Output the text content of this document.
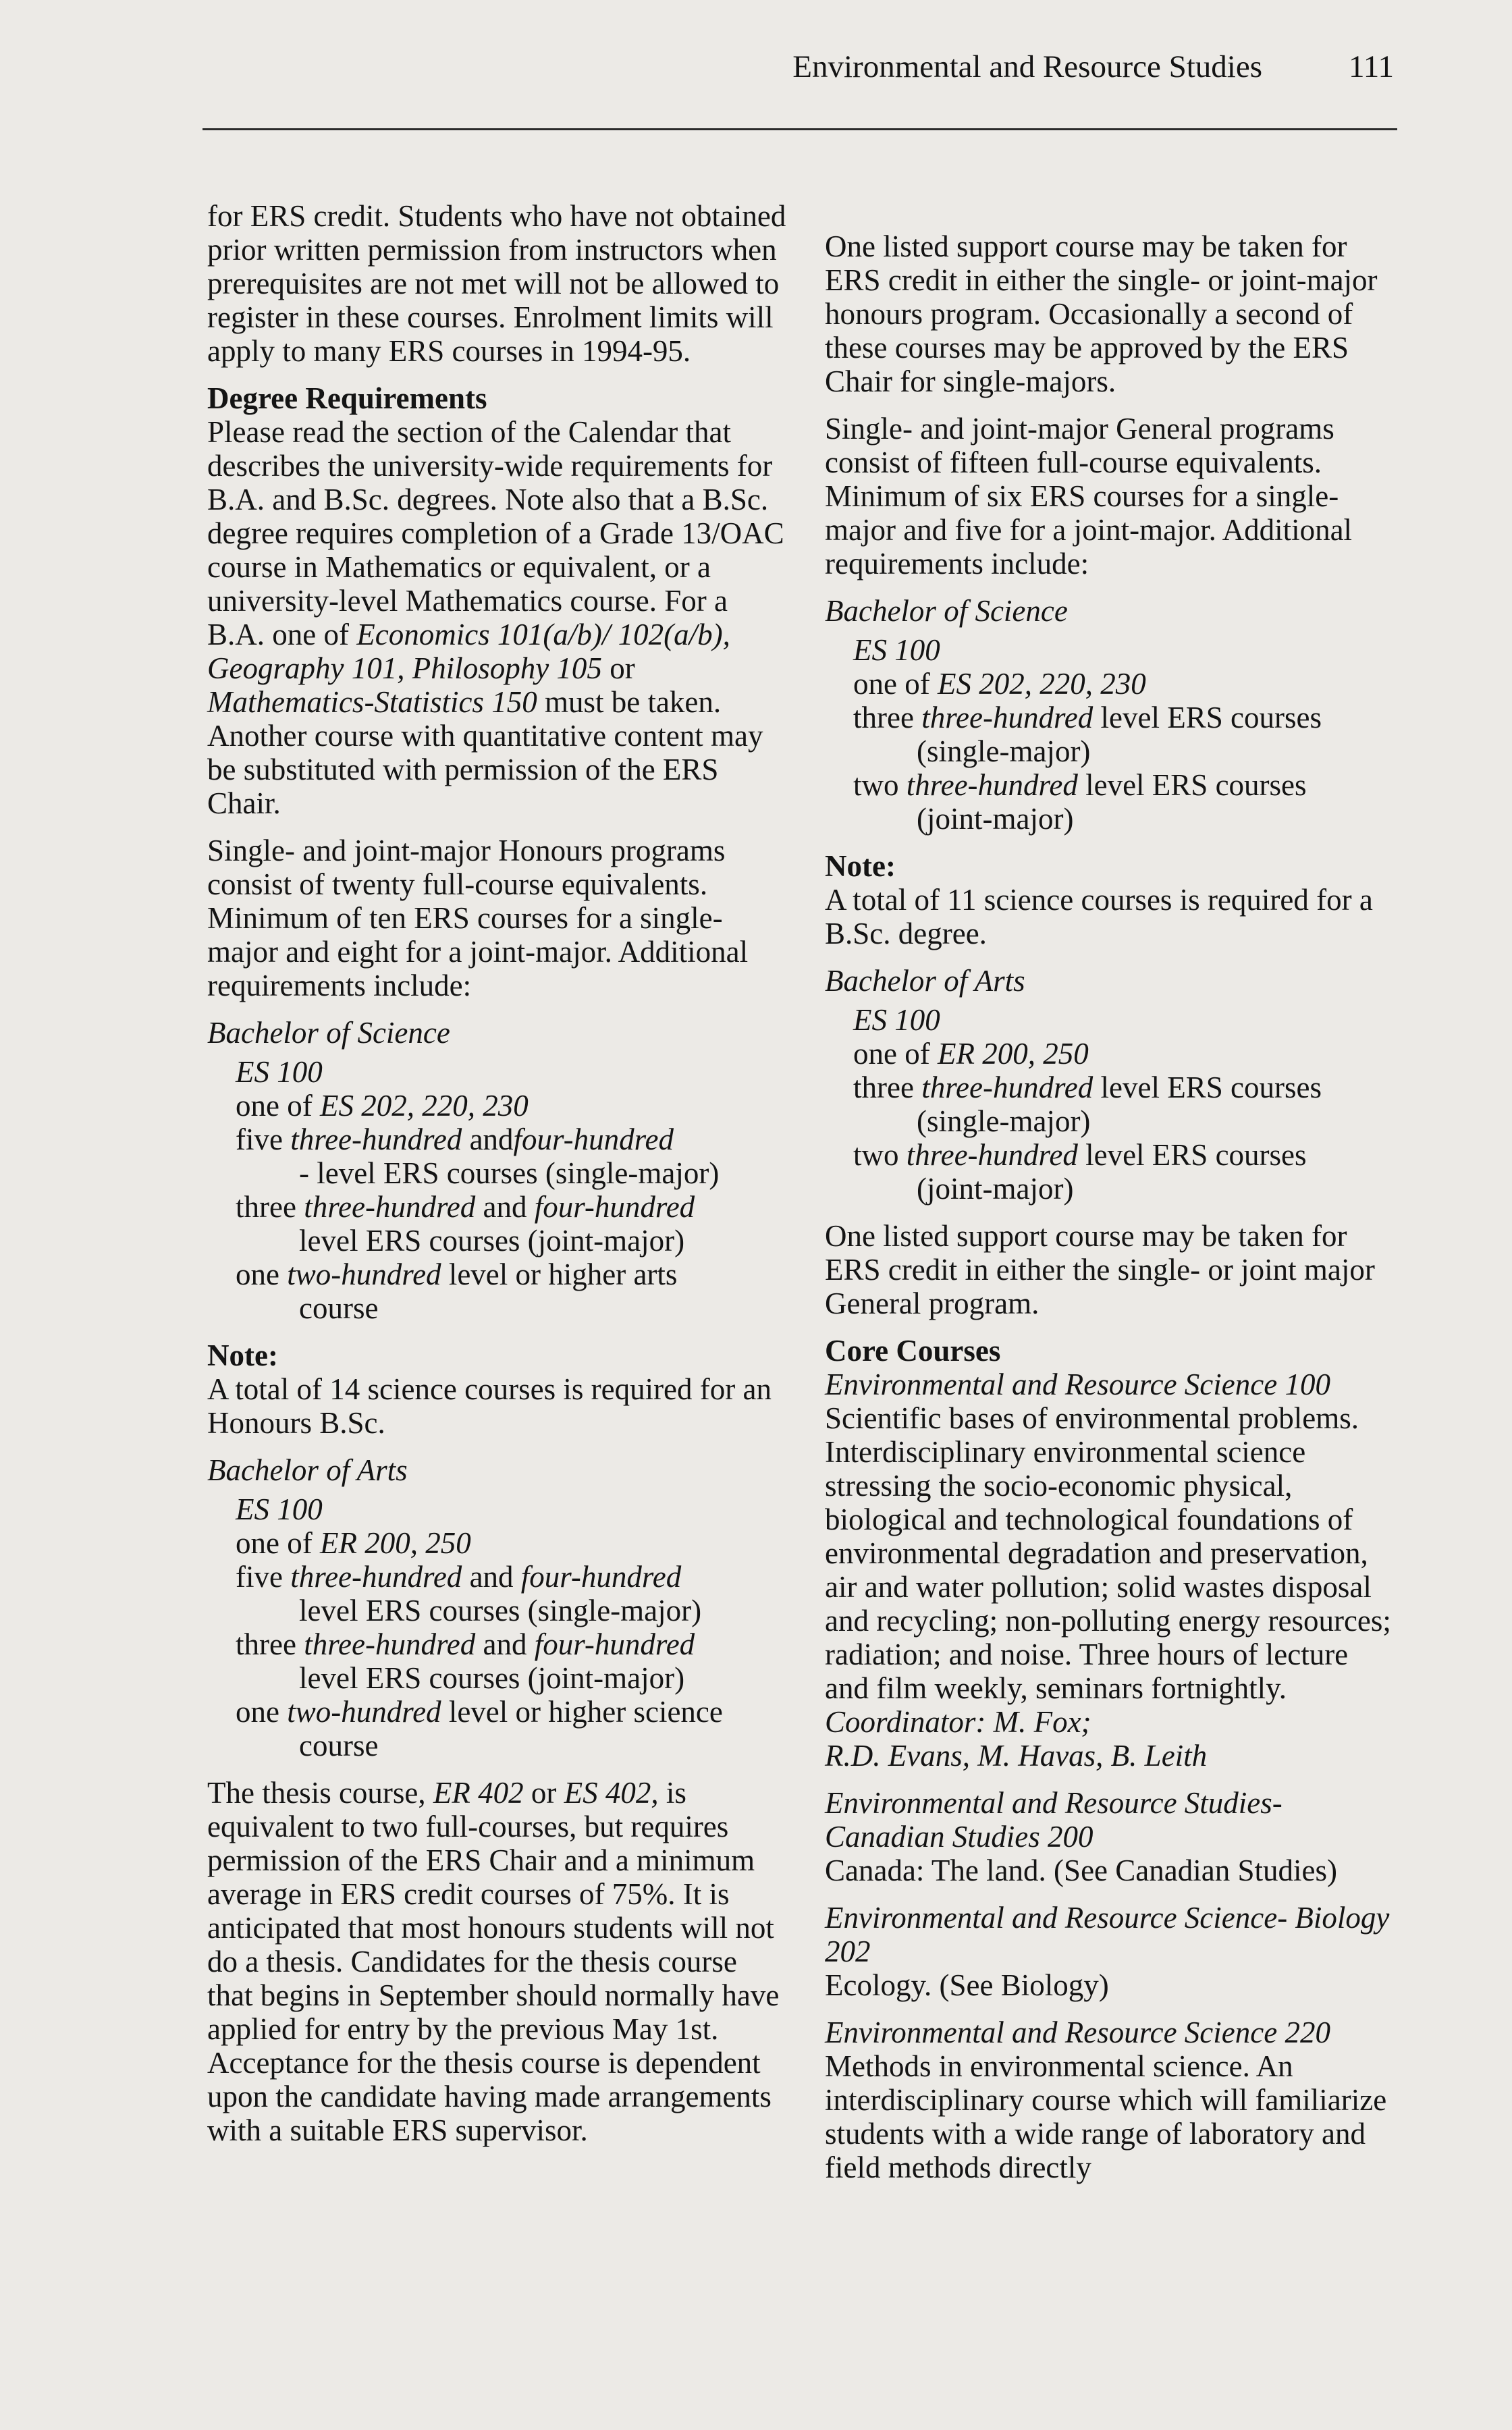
Environmental and Resource Studies	111

for ERS credit. Students who have not obtained prior written permission from instructors when prerequisites are not met will not be allowed to register in these courses. Enrolment limits will apply to many ERS courses in 1994-95.

Degree Requirements

Please read the section of the Calendar that describes the university-wide requirements for B.A. and B.Sc. degrees. Note also that a B.Sc. degree requires completion of a Grade 13/OAC course in Mathematics or equivalent, or a university-level Mathematics course. For a B.A. one of Economics 101(a/b)/ 102(a/b), Geography 101, Philosophy 105 or Mathematics-Statistics 150 must be taken. Another course with quantitative content may be substituted with permission of the ERS Chair.

Single- and joint-major Honours programs consist of twenty full-course equivalents. Minimum of ten ERS courses for a single-major and eight for a joint-major. Additional requirements include:

Bachelor of Science
ES 100
one of ES 202, 220, 230
five three-hundred andfour-hundred
- level ERS courses (single-major)
three three-hundred and four-hundred
level ERS courses (joint-major)
one two-hundred level or higher arts
course
Note:

A total of 14 science courses is required for an Honours B.Sc.

Bachelor of Arts
ES 100
one of ER 200, 250
five three-hundred and four-hundred
level ERS courses (single-major)
three three-hundred and four-hundred
level ERS courses (joint-major)
one two-hundred level or higher science
course

The thesis course, ER 402 or ES 402, is equivalent to two full-courses, but requires permission of the ERS Chair and a minimum average in ERS credit courses of 75%. It is anticipated that most honours students will not do a thesis. Candidates for the thesis course that begins in September should normally have applied for entry by the previous May 1st. Acceptance for the thesis course is dependent upon the candidate having made arrangements with a suitable ERS supervisor.

One listed support course may be taken for ERS credit in either the single- or joint-major honours program. Occasionally a second of these courses may be approved by the ERS Chair for single-majors.

Single- and joint-major General programs consist of fifteen full-course equivalents. Minimum of six ERS courses for a single-major and five for a joint-major. Additional requirements include:

Bachelor of Science
ES 100
one of ES 202, 220, 230
three three-hundred level ERS courses
(single-major)
two three-hundred level ERS courses
(joint-major)
Note:

A total of 11 science courses is required for a B.Sc. degree.

Bachelor of Arts
ES 100
one of ER 200, 250
three three-hundred level ERS courses
(single-major)
two three-hundred level ERS courses
(joint-major)

One listed support course may be taken for ERS credit in either the single- or joint major General program.

Core Courses
Environmental and Resource Science 100
Scientific bases of environmental problems. Interdisciplinary environmental science stressing the socio-economic physical, biological and technological foundations of environmental degradation and preservation, air and water pollution; solid wastes disposal and recycling; non-polluting energy resources; radiation; and noise. Three hours of lecture and film weekly, seminars fortnightly.
Coordinator: M. Fox;
R.D. Evans, M. Havas, B. Leith
Environmental and Resource Studies- Canadian Studies 200
Canada: The land. (See Canadian Studies)
Environmental and Resource Science- Biology 202
Ecology. (See Biology)
Environmental and Resource Science 220
Methods in environmental science. An interdisciplinary course which will familiarize students with a wide range of laboratory and field methods directly
